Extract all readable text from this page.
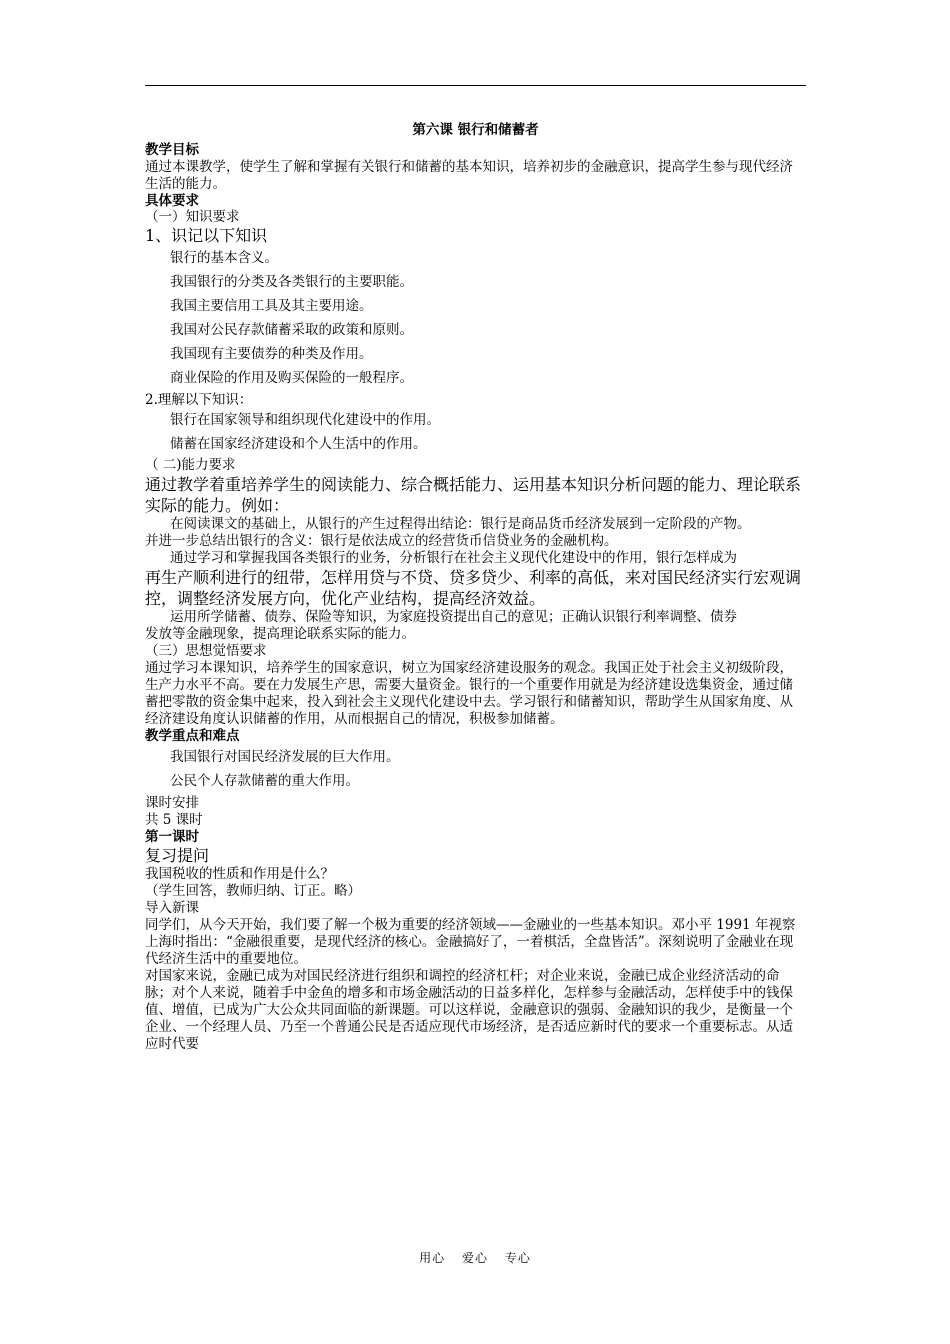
第六课 银行和储蓄者

教学目标

通过本课教学，使学生了解和掌握有关银行和储蓄的基本知识，培养初步的金融意识，提高学生参与现代经济生活的能力。

具体要求

（一）知识要求

1、识记以下知识

银行的基本含义。

我国银行的分类及各类银行的主要职能。

我国主要信用工具及其主要用途。

我国对公民存款储蓄采取的政策和原则。

我国现有主要债券的种类及作用。

商业保险的作用及购买保险的一般程序。

2.理解以下知识：

银行在国家领导和组织现代化建设中的作用。

储蓄在国家经济建设和个人生活中的作用。

（ 二)能力要求

通过教学着重培养学生的阅读能力、综合概括能力、运用基本知识分析问题的能力、理论联系实际的能力。例如：

在阅读课文的基础上，从银行的产生过程得出结论：银行是商品货币经济发展到一定阶段的产物。

并进一步总结出银行的含义：银行是依法成立的经营货币信贷业务的金融机构。

通过学习和掌握我国各类银行的业务，分析银行在社会主义现代化建设中的作用，银行怎样成为

再生产顺利进行的纽带，怎样用贷与不贷、贷多贷少、利率的高低，来对国民经济实行宏观调控，调整经济发展方向，优化产业结构，提高经济效益。

运用所学储蓄、债券、保险等知识，为家庭投资提出自己的意见；正确认识银行利率调整、债券

发放等金融现象，提高理论联系实际的能力。

（三）思想觉悟要求

通过学习本课知识，培养学生的国家意识，树立为国家经济建设服务的观念。我国正处于社会主义初级阶段，生产力水平不高。要在力发展生产思，需要大量资金。银行的一个重要作用就是为经济建设选集资金，通过储蓄把零散的资金集中起来，投入到社会主义现代化建设中去。学习银行和储蓄知识，帮助学生从国家角度、从经济建设角度认识储蓄的作用，从而根据自己的情况，积极参加储蓄。

教学重点和难点

我国银行对国民经济发展的巨大作用。

公民个人存款储蓄的重大作用。

课时安排

共 5 课时

第一课时

复习提问

我国税收的性质和作用是什么？

（学生回答，教师归纳、订正。略）

导入新课

同学们，从今天开始，我们要了解一个极为重要的经济领域——金融业的一些基本知识。邓小平 1991 年视察上海时指出：“金融很重要，是现代经济的核心。金融搞好了，一着棋活，全盘皆活”。深刻说明了金融业在现代经济生活中的重要地位。

对国家来说，金融已成为对国民经济进行组织和调控的经济杠杆；对企业来说，金融已成企业经济活动的命脉；对个人来说，随着手中金鱼的增多和市场金融活动的日益多样化，怎样参与金融活动，怎样使手中的钱保值、增值，已成为广大公众共同面临的新课题。可以这样说，金融意识的强弱、金融知识的我少，是衡量一个企业、一个经理人员、乃至一个普通公民是否适应现代市场经济，是否适应新时代的要求一个重要标志。从适应时代要

用心 爱心 专心
